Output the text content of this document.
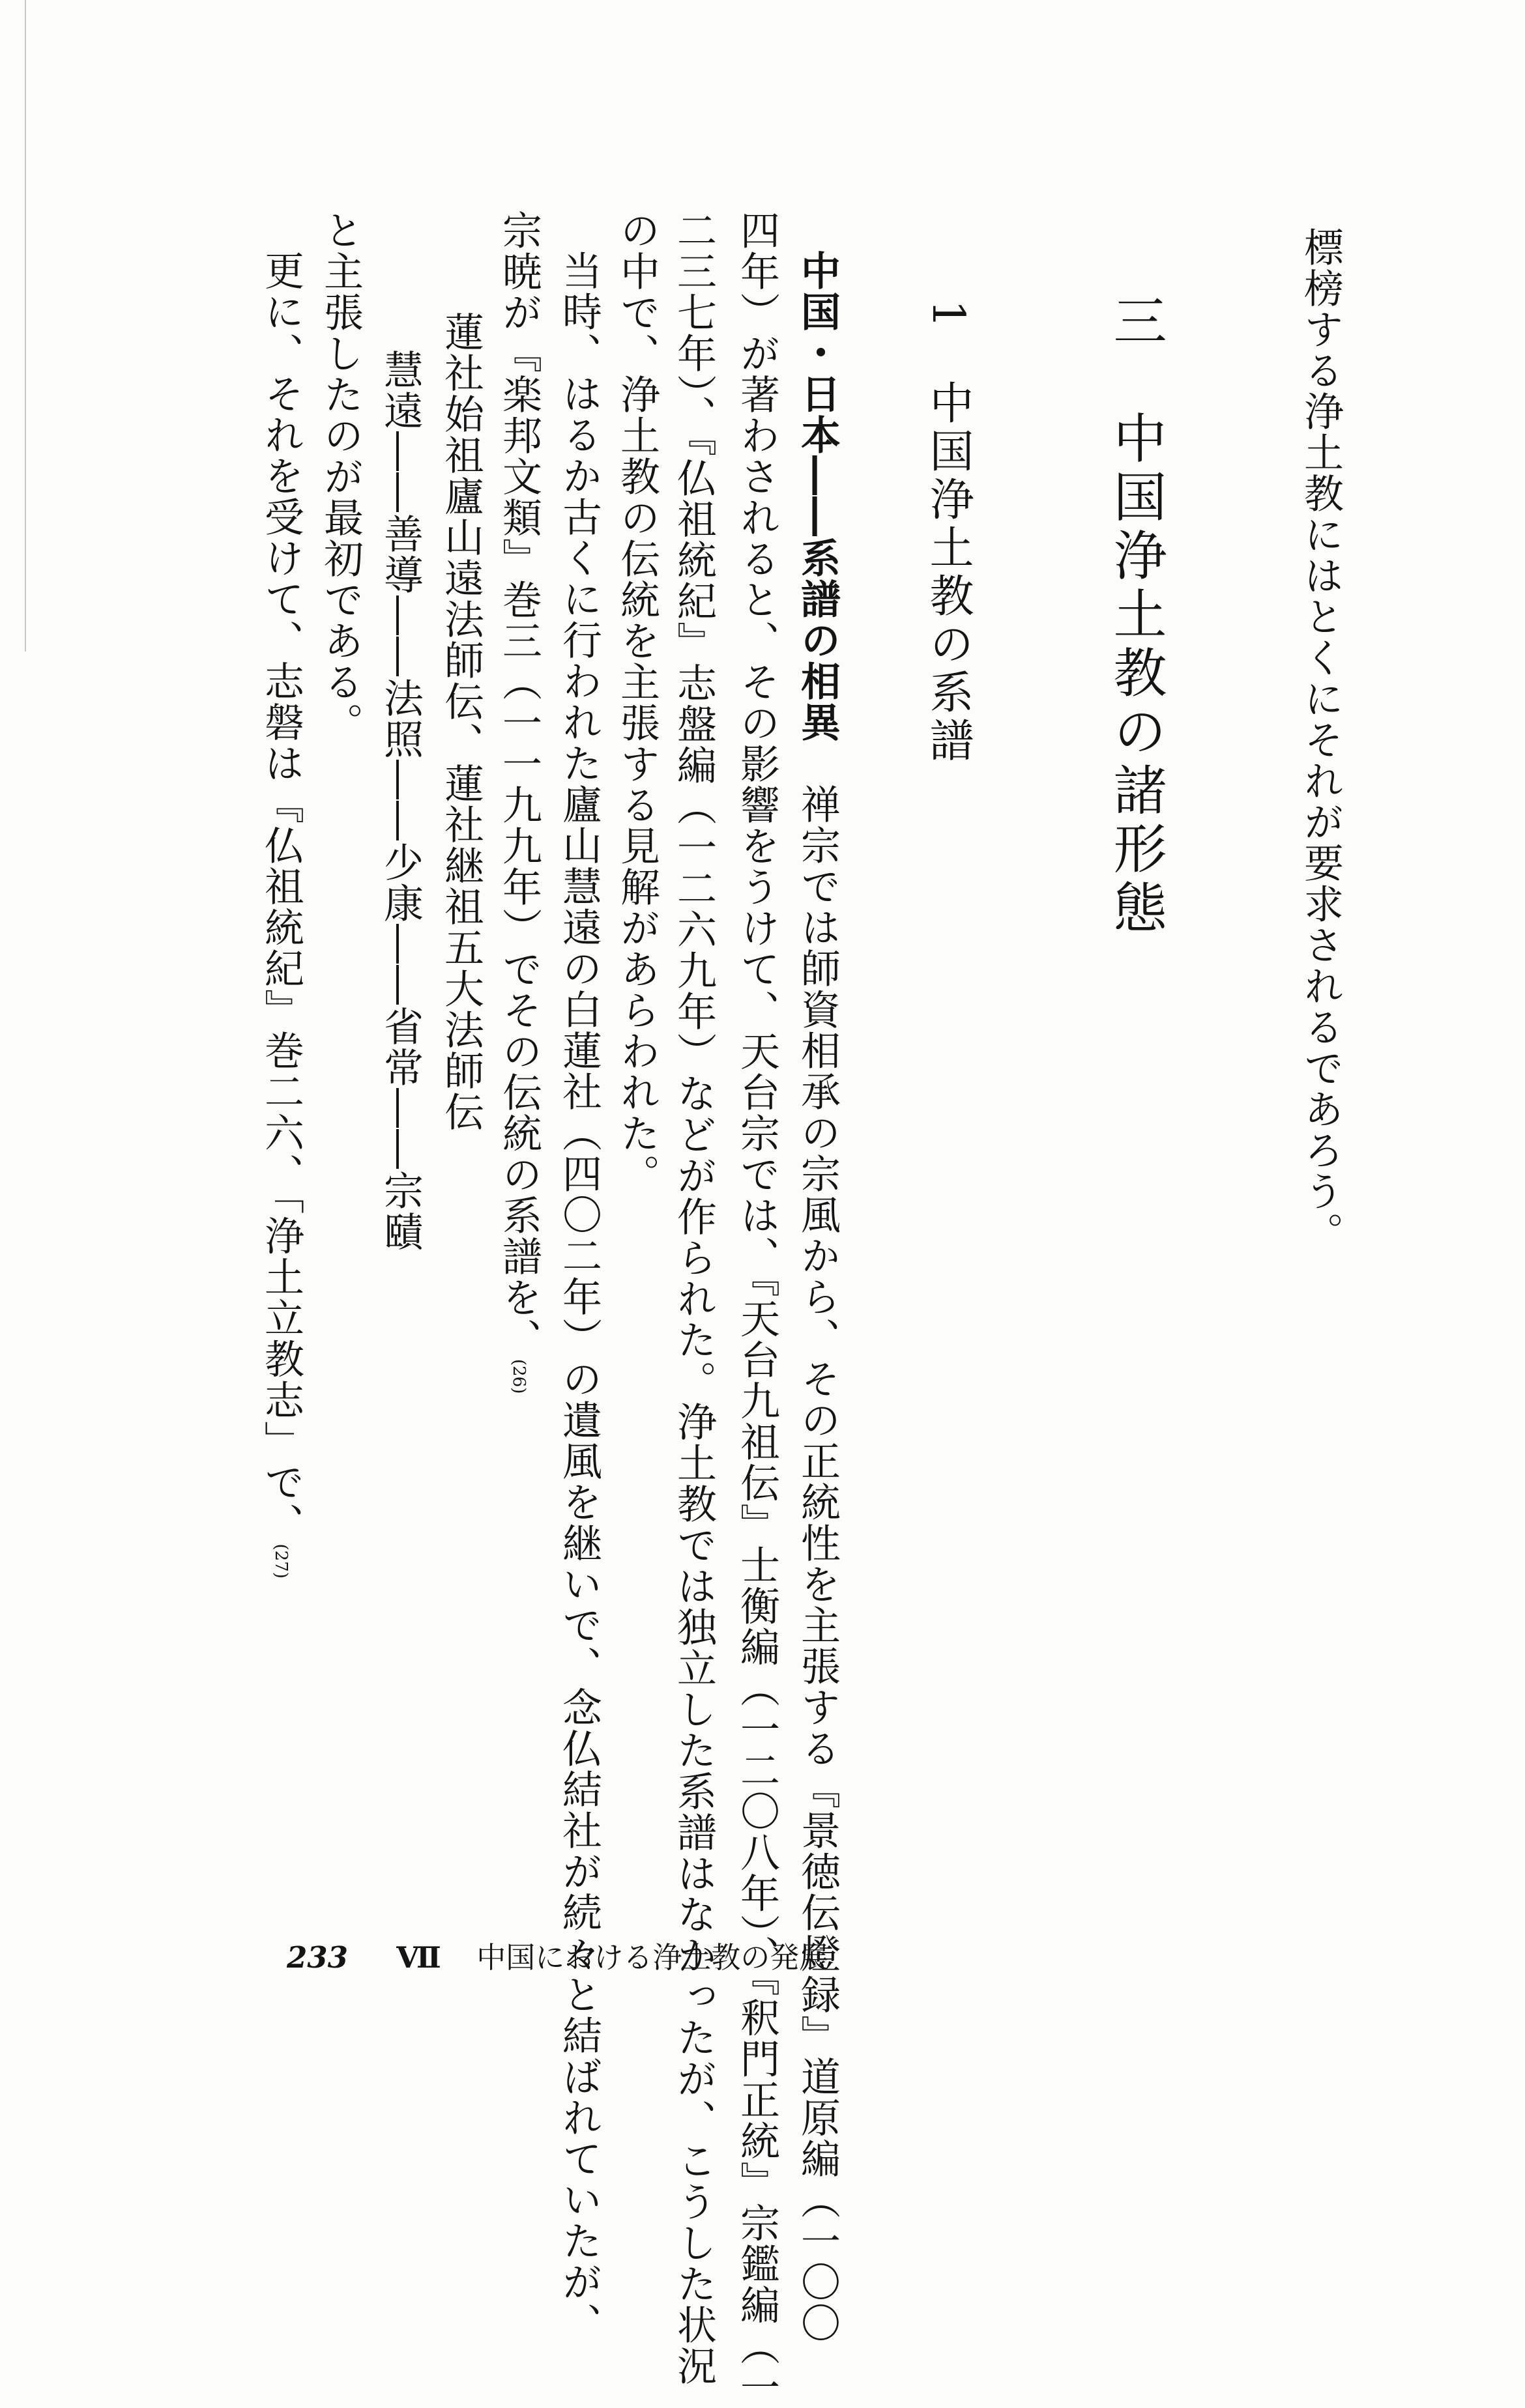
標榜する浄土教にはとくにそれが要求されるであろう。
三　中国浄土教の諸形態
1　中国浄土教の系譜
中国・日本――系譜の相異　禅宗では師資相承の宗風から、その正統性を主張する『景徳伝燈録』道原編（一〇〇
四年）が著わされると、その影響をうけて、天台宗では、『天台九祖伝』士衡編（一二〇八年）、『釈門正統』宗鑑編（一
二三七年）、『仏祖統紀』志盤編（一二六九年）などが作られた。浄土教では独立した系譜はなかったが、こうした状況
の中で、浄土教の伝統を主張する見解があらわれた。
当時、はるか古くに行われた廬山慧遠の白蓮社（四〇二年）の遺風を継いで、念仏結社が続々と結ばれていたが、
宗暁が『楽邦文類』巻三（一一九九年）でその伝統の系譜を、(26)
蓮社始祖廬山遠法師伝、蓮社継祖五大法師伝
慧遠――善導――法照――少康――省常――宗賾
と主張したのが最初である。
更に、それを受けて、志磐は『仏祖統紀』巻二六、「浄土立教志」で、(27)
233 Ⅶ 中国における浄土教の発展
